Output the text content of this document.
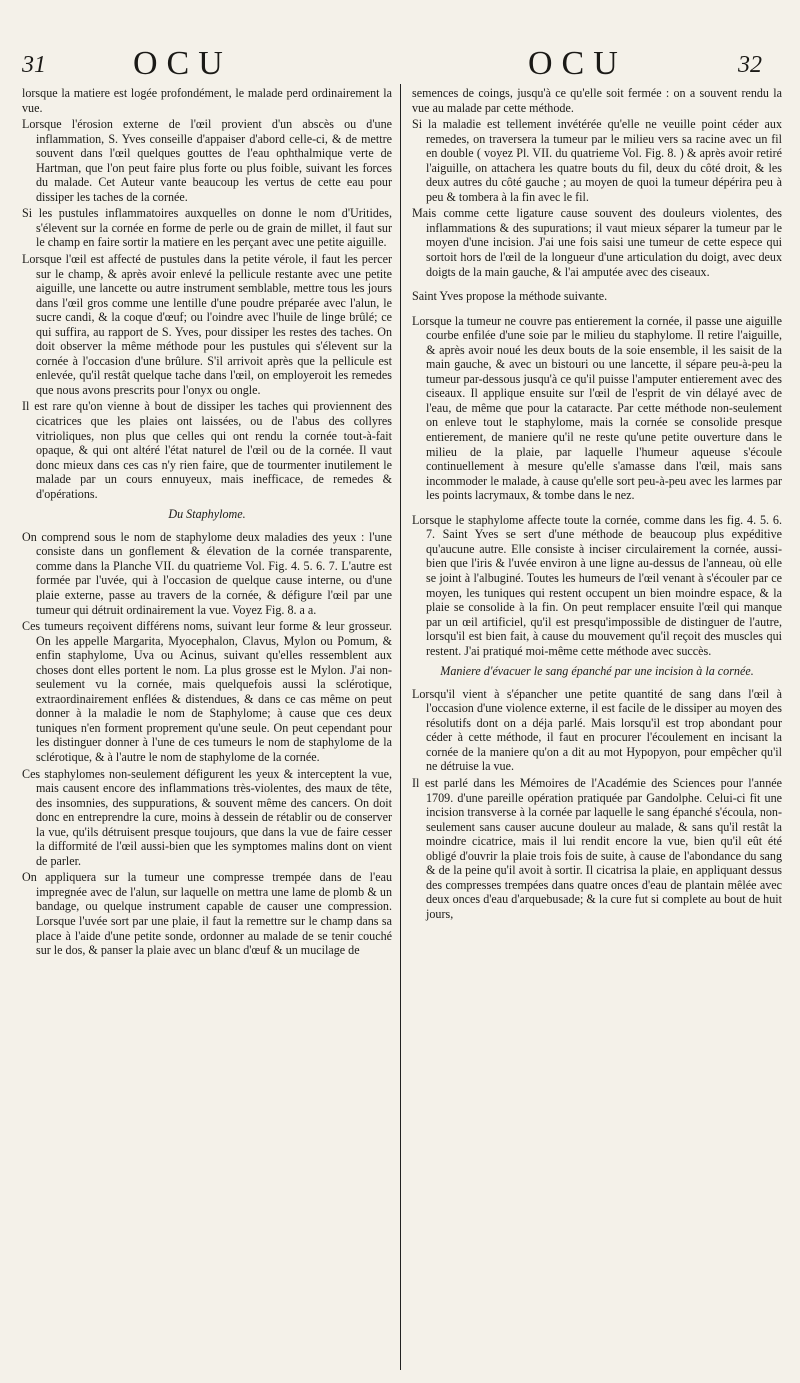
31	OCU	OCU	32

lorsque la matiere est logée profondément, le malade perd ordinairement la vue.

Lorsque l'érosion externe de l'œil provient d'un abscès ou d'une inflammation, S. Yves conseille d'appaiser d'abord celle-ci, & de mettre souvent dans l'œil quelques gouttes de l'eau ophthalmique verte de Hartman, que l'on peut faire plus forte ou plus foible, suivant les forces du malade. Cet Auteur vante beaucoup les vertus de cette eau pour dissiper les taches de la cornée.

Si les pustules inflammatoires auxquelles on donne le nom d'Uritides, s'élevent sur la cornée en forme de perle ou de grain de millet, il faut sur le champ en faire sortir la matiere en les perçant avec une petite aiguille.

Lorsque l'œil est affecté de pustules dans la petite vérole, il faut les percer sur le champ, & après avoir enlevé la pellicule restante avec une petite aiguille, une lancette ou autre instrument semblable, mettre tous les jours dans l'œil gros comme une lentille d'une poudre préparée avec l'alun, le sucre candi, & la coque d'œuf; ou l'oindre avec l'huile de linge brûlé; ce qui suffira, au rapport de S. Yves, pour dissiper les restes des taches. On doit observer la même méthode pour les pustules qui s'élevent sur la cornée à l'occasion d'une brûlure. S'il arrivoit après que la pellicule est enlevée, qu'il restât quelque tache dans l'œil, on employeroit les remedes que nous avons prescrits pour l'onyx ou ongle.

Il est rare qu'on vienne à bout de dissiper les taches qui proviennent des cicatrices que les plaies ont laissées, ou de l'abus des collyres vitrioliques, non plus que celles qui ont rendu la cornée tout-à-fait opaque, & qui ont altéré l'état naturel de l'œil ou de la cornée. Il vaut donc mieux dans ces cas n'y rien faire, que de tourmenter inutilement le malade par un cours ennuyeux, mais inefficace, de remedes & d'opérations.

Du Staphylome.

On comprend sous le nom de staphylome deux maladies des yeux : l'une consiste dans un gonflement & élevation de la cornée transparente, comme dans la Planche VII. du quatrieme Vol. Fig. 4. 5. 6. 7. L'autre est formée par l'uvée, qui à l'occasion de quelque cause interne, ou d'une plaie externe, passe au travers de la cornée, & défigure l'œil par une tumeur qui détruit ordinairement la vue. Voyez Fig. 8. a a.

Ces tumeurs reçoivent différens noms, suivant leur forme & leur grosseur. On les appelle Margarita, Myocephalon, Clavus, Mylon ou Pomum, & enfin staphylome, Uva ou Acinus, suivant qu'elles ressemblent aux choses dont elles portent le nom. La plus grosse est le Mylon. J'ai non-seulement vu la cornée, mais quelquefois aussi la sclérotique, extraordinairement enflées & distendues, & dans ce cas même on peut donner à la maladie le nom de Staphylome; à cause que ces deux tuniques n'en forment proprement qu'une seule. On peut cependant pour les distinguer donner à l'une de ces tumeurs le nom de staphylome de la sclérotique, & à l'autre le nom de staphylome de la cornée.

Ces staphylomes non-seulement défigurent les yeux & interceptent la vue, mais causent encore des inflammations très-violentes, des maux de tête, des insomnies, des suppurations, & souvent même des cancers. On doit donc en entreprendre la cure, moins à dessein de rétablir ou de conserver la vue, qu'ils détruisent presque toujours, que dans la vue de faire cesser la difformité de l'œil aussi-bien que les symptomes malins dont on vient de parler.

On appliquera sur la tumeur une compresse trempée dans de l'eau impregnée avec de l'alun, sur laquelle on mettra une lame de plomb & un bandage, ou quelque instrument capable de causer une compression. Lorsque l'uvée sort par une plaie, il faut la remettre sur le champ dans sa place à l'aide d'une petite sonde, ordonner au malade de se tenir couché sur le dos, & panser la plaie avec un blanc d'œuf & un mucilage de

semences de coings, jusqu'à ce qu'elle soit fermée : on a souvent rendu la vue au malade par cette méthode.

Si la maladie est tellement invétérée qu'elle ne veuille point céder aux remedes, on traversera la tumeur par le milieu vers sa racine avec un fil en double ( voyez Pl. VII. du quatrieme Vol. Fig. 8. ) & après avoir retiré l'aiguille, on attachera les quatre bouts du fil, deux du côté droit, & les deux autres du côté gauche ; au moyen de quoi la tumeur dépérira peu à peu & tombera à la fin avec le fil.

Mais comme cette ligature cause souvent des douleurs violentes, des inflammations & des supurations; il vaut mieux séparer la tumeur par le moyen d'une incision. J'ai une fois saisi une tumeur de cette espece qui sortoit hors de l'œil de la longueur d'une articulation du doigt, avec deux doigts de la main gauche, & l'ai amputée avec des ciseaux.

Saint Yves propose la méthode suivante.

Lorsque la tumeur ne couvre pas entierement la cornée, il passe une aiguille courbe enfilée d'une soie par le milieu du staphylome. Il retire l'aiguille, & après avoir noué les deux bouts de la soie ensemble, il les saisit de la main gauche, & avec un bistouri ou une lancette, il sépare peu-à-peu la tumeur par-dessous jusqu'à ce qu'il puisse l'amputer entierement avec des ciseaux. Il applique ensuite sur l'œil de l'esprit de vin délayé avec de l'eau, de même que pour la cataracte. Par cette méthode non-seulement on enleve tout le staphylome, mais la cornée se consolide presque entierement, de maniere qu'il ne reste qu'une petite ouverture dans le milieu de la plaie, par laquelle l'humeur aqueuse s'écoule continuellement à mesure qu'elle s'amasse dans l'œil, mais sans incommoder le malade, à cause qu'elle sort peu-à-peu avec les larmes par les points lacrymaux, & tombe dans le nez.

Lorsque le staphylome affecte toute la cornée, comme dans les fig. 4. 5. 6. 7. Saint Yves se sert d'une méthode de beaucoup plus expéditive qu'aucune autre. Elle consiste à inciser circulairement la cornée, aussi-bien que l'iris & l'uvée environ à une ligne au-dessus de l'anneau, où elle se joint à l'albuginé. Toutes les humeurs de l'œil venant à s'écouler par ce moyen, les tuniques qui restent occupent un bien moindre espace, & la plaie se consolide à la fin. On peut remplacer ensuite l'œil qui manque par un œil artificiel, qu'il est presqu'impossible de distinguer de l'autre, lorsqu'il est bien fait, à cause du mouvement qu'il reçoit des muscles qui restent. J'ai pratiqué moi-même cette méthode avec succès.

Maniere d'évacuer le sang épanché par une incision à la cornée.

Lorsqu'il vient à s'épancher une petite quantité de sang dans l'œil à l'occasion d'une violence externe, il est facile de le dissiper au moyen des résolutifs dont on a déja parlé. Mais lorsqu'il est trop abondant pour céder à cette méthode, il faut en procurer l'écoulement en incisant la cornée de la maniere qu'on a dit au mot Hypopyon, pour empêcher qu'il ne détruise la vue.

Il est parlé dans les Mémoires de l'Académie des Sciences pour l'année 1709. d'une pareille opération pratiquée par Gandolphe. Celui-ci fit une incision transverse à la cornée par laquelle le sang épanché s'écoula, non-seulement sans causer aucune douleur au malade, & sans qu'il restât la moindre cicatrice, mais il lui rendit encore la vue, bien qu'il eût été obligé d'ouvrir la plaie trois fois de suite, à cause de l'abondance du sang & de la peine qu'il avoit à sortir. Il cicatrisa la plaie, en appliquant dessus des compresses trempées dans quatre onces d'eau de plantain mêlée avec deux onces d'eau d'arquebusade; & la cure fut si complete au bout de huit jours,
